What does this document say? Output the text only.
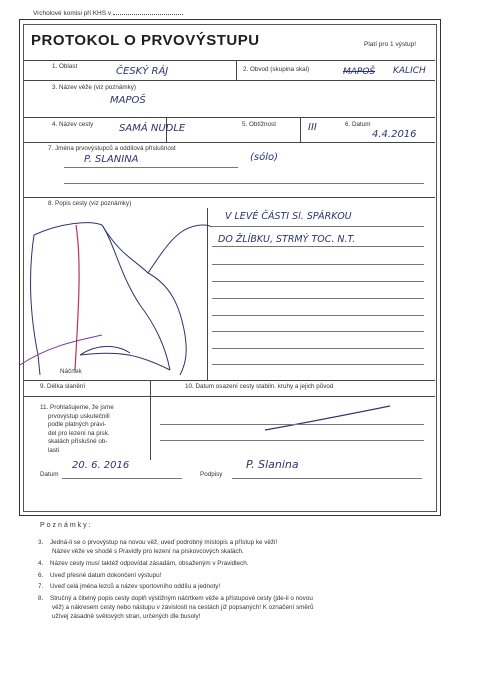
Vrcholové komisi při KHS v
PROTOKOL O PRVOVÝSTUPU	Platí pro 1 výstup!
1. Oblast	ČESKÝ RÁJ	2. Obvod (skupina skal)	MAPOŠ KALICH
3. Název věže (viz poznámky)
MAPOŠ
4. Název cesty	SAMÁ NUDLE	5. Obtížnost	III	6. Datum
4.4.2016
7. Jména prvovýstupců a oddílová příslušnost
P. SLANINA	(sólo)
8. Popis cesty (viz poznámky)
V LEVÉ ČÁSTI Sl. SPÁRKOU
DO ŽLÍBKU, STRMÝ TOC. N.T.
Náčrtek
9. Délka slanění	10. Datum osazení cesty stabiln. kruhy a jejich původ
11. Prohlašujeme, že jsme
prvovýstup uskutečnili
podle platných pravi-
del pro lezení na písk.
skalách příslušné ob-
lasti
Datum
20. 6. 2016
Podpisy
P. Slanina
Poznámky:
3. Jedná-li se o prvovýstup na novou věž, uveď podrobný místopis a přístup ke věži!
Název věže ve shodě s Pravidly pro lezení na pískovcových skalách.
4. Název cesty musí taktéž odpovídat zásadám, obsaženým v Pravidlech.
6. Uveď přesné datum dokončení výstupu!
7. Uveď celá jména lezců a název sportovního oddílu a jednoty!
8. Stručný a čitelný popis cesty doplň výstižným náčrtkem věže a přístupové cesty (jde-li o novou
věž) a nákresem cesty nebo nástupu v závislosti na cestách již popsaných! K označení směrů
užívej zásadně světových stran, určených dle busoly!
